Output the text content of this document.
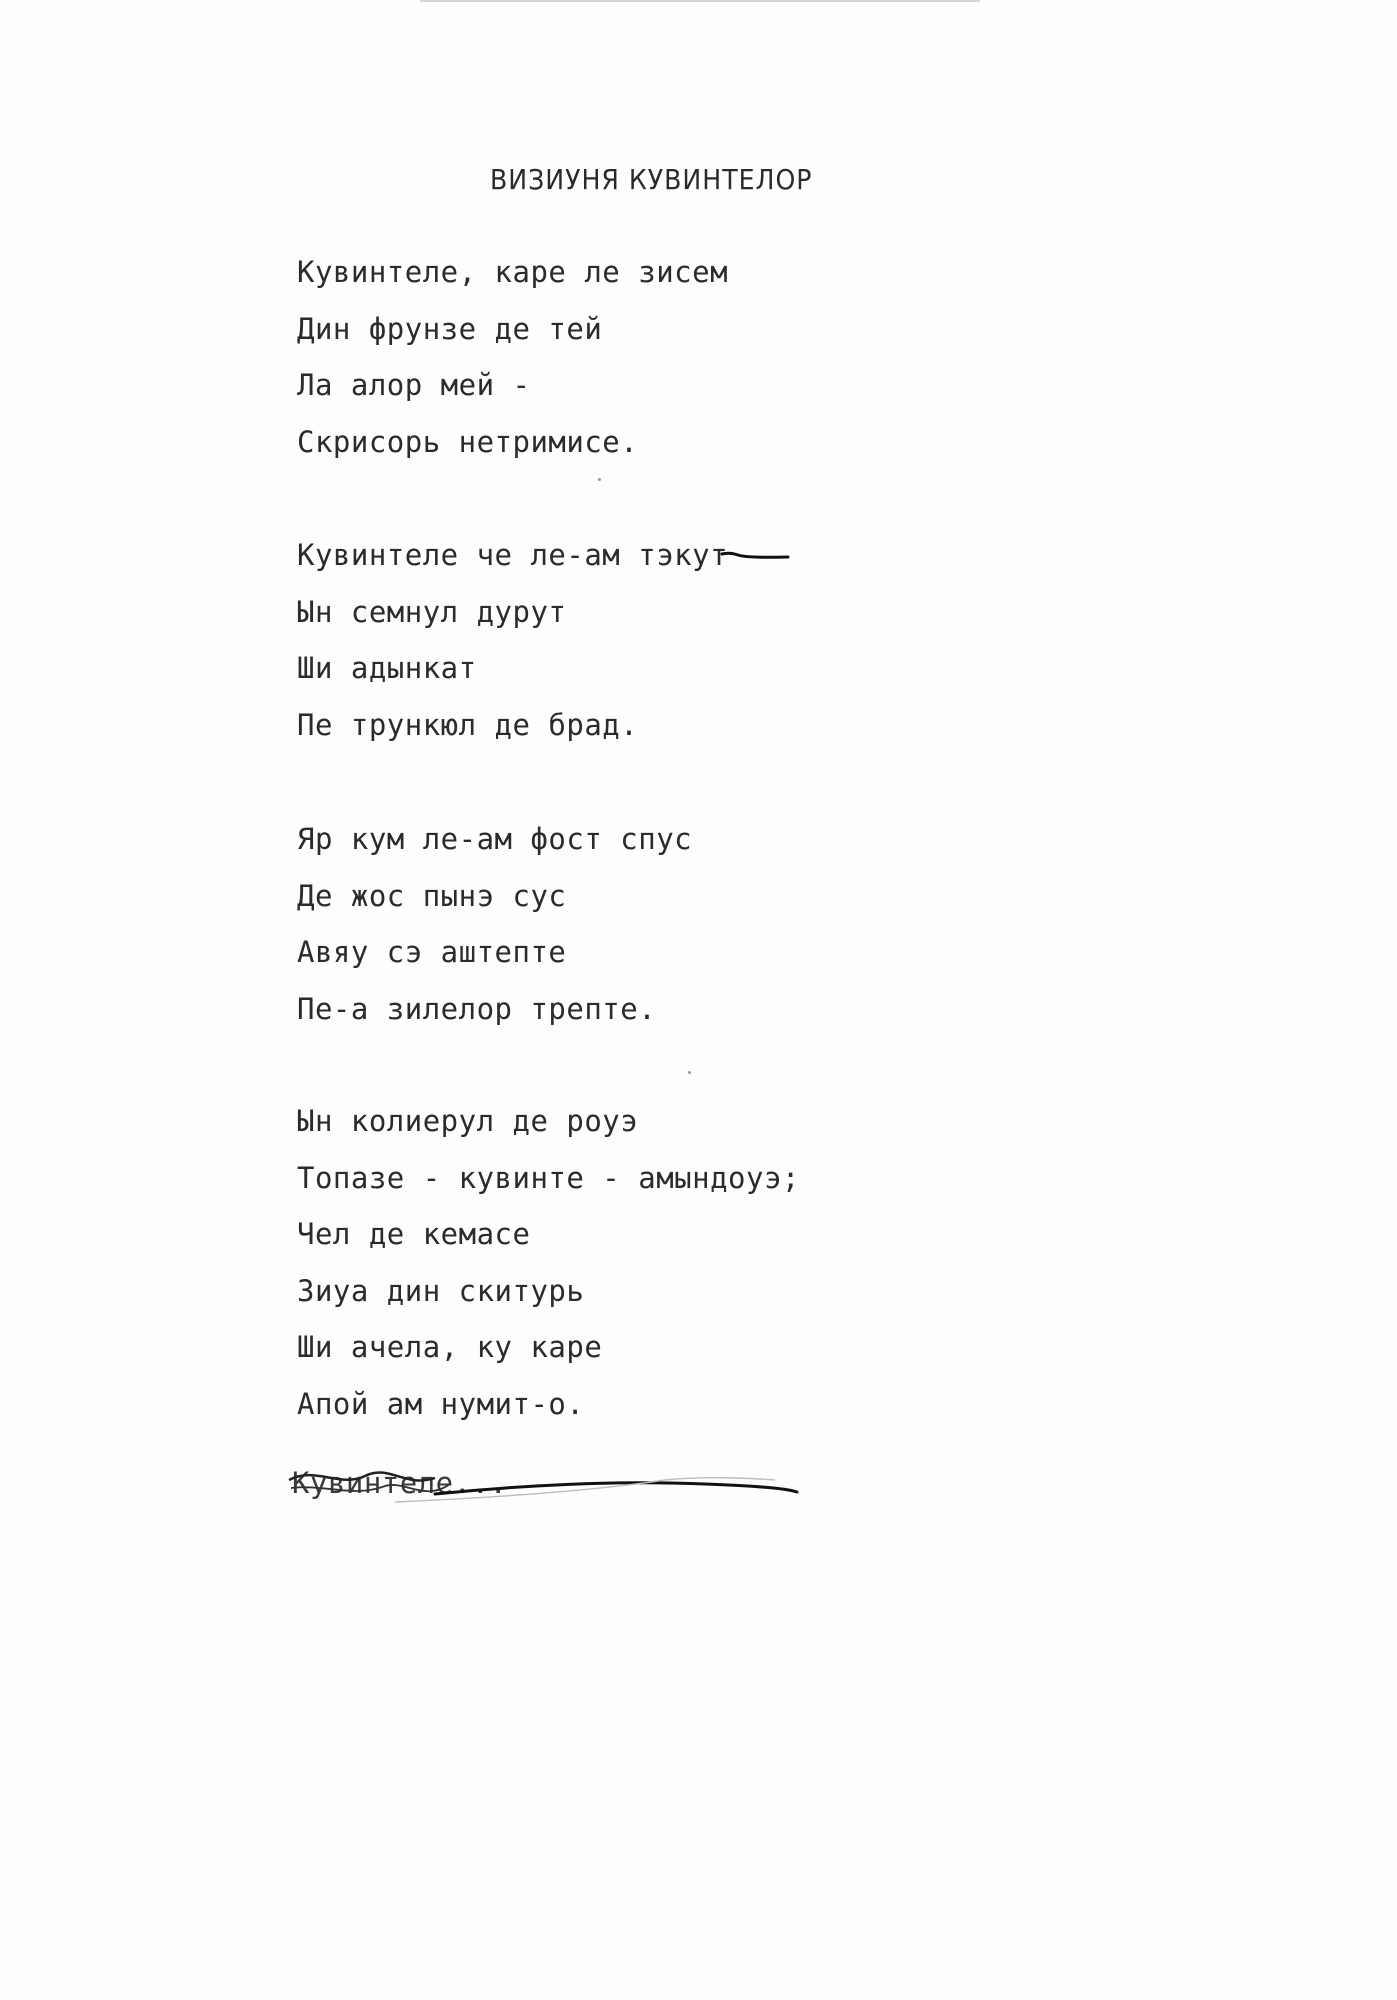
ВИЗИУНЯ КУВИНТЕЛОР
Кувинтеле, каре ле зисем
Дин фрунзе де тей
Ла алор мей -
Скрисорь нетримисе.
Кувинтеле че ле-ам тэкут
Ын семнул дурут
Ши адынкат
Пе трункюл де брад.
Яр кум ле-ам фост спус
Де жос пынэ сус
Авяу сэ аштепте
Пе-а зилелор трепте.
Ын колиерул де роуэ
Топазе - кувинте - амындоуэ;
Чел де кемасе
Зиуа дин скитурь
Ши ачела, ку каре
Апой ам нумит-о.
Кувинтеле...
